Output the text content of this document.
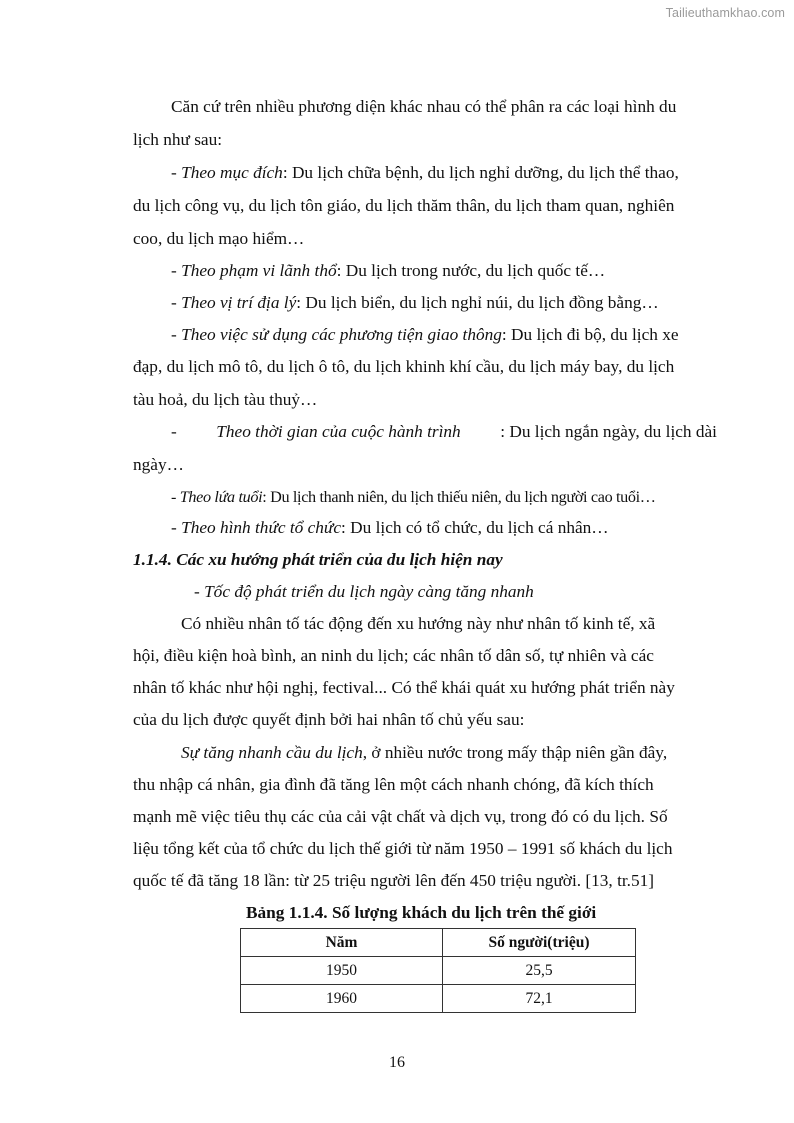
Tailieuthamkhao.com
Căn cứ trên nhiều phương diện khác nhau có thể phân ra các loại hình du
lịch như sau:
- Theo mục đích: Du lịch chữa bệnh, du lịch nghỉ dưỡng, du lịch thể thao,
du lịch công vụ, du lịch tôn giáo, du lịch thăm thân, du lịch tham quan, nghiên
coo, du lịch mạo hiểm…
- Theo phạm vi lãnh thổ: Du lịch trong nước, du lịch quốc tế…
- Theo vị trí địa lý: Du lịch biển, du lịch nghỉ núi, du lịch đồng bằng…
- Theo việc sử dụng các phương tiện giao thông: Du lịch đi bộ, du lịch xe
đạp, du lịch mô tô, du lịch ô tô, du lịch khinh khí cầu, du lịch máy bay, du lịch
tàu hoả, du lịch tàu thuỷ…
- Theo thời gian của cuộc hành trình : Du lịch ngắn ngày, du lịch dài
ngày…
- Theo lứa tuổi: Du lịch thanh niên, du lịch thiếu niên, du lịch người cao tuổi…
- Theo hình thức tổ chức: Du lịch có tổ chức, du lịch cá nhân…
1.1.4. Các xu hướng phát triển của du lịch hiện nay
- Tốc độ phát triển du lịch ngày càng tăng nhanh
Có nhiều nhân tố tác động đến xu hướng này như nhân tố kinh tế, xã
hội, điều kiện hoà bình, an ninh du lịch; các nhân tố dân số, tự nhiên và các
nhân tố khác như hội nghị, fectival... Có thể khái quát xu hướng phát triển này
của du lịch được quyết định bởi hai nhân tố chủ yếu sau:
Sự tăng nhanh cầu du lịch, ở nhiều nước trong mấy thập niên gần đây,
thu nhập cá nhân, gia đình đã tăng lên một cách nhanh chóng, đã kích thích
mạnh mẽ việc tiêu thụ các của cải vật chất và dịch vụ, trong đó có du lịch. Số
liệu tổng kết của tổ chức du lịch thế giới từ năm 1950 – 1991 số khách du lịch
quốc tế đã tăng 18 lần: từ 25 triệu người lên đến 450 triệu người. [13, tr.51]
Bảng 1.1.4. Số lượng khách du lịch trên thế giới
Năm	Số người(triệu)
1950	25,5
1960	72,1
16
